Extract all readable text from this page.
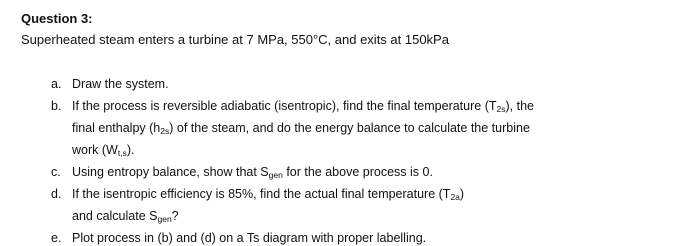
Question 3:
Superheated steam enters a turbine at 7 MPa, 550°C, and exits at 150kPa
a. Draw the system.
b. If the process is reversible adiabatic (isentropic), find the final temperature $(T_{2s})$, the
final enthalpy $(h_{2s})$ of the steam, and do the energy balance to calculate the turbine
work $(W_{t,s})$.
c. Using entropy balance, show that $S_{gen}$ for the above process is 0.
d. If the isentropic efficiency is 85%, find the actual final temperature $(T_{2a})$
and calculate $S_{gen}$?
e. Plot process in (b) and (d) on a Ts diagram with proper labelling.
